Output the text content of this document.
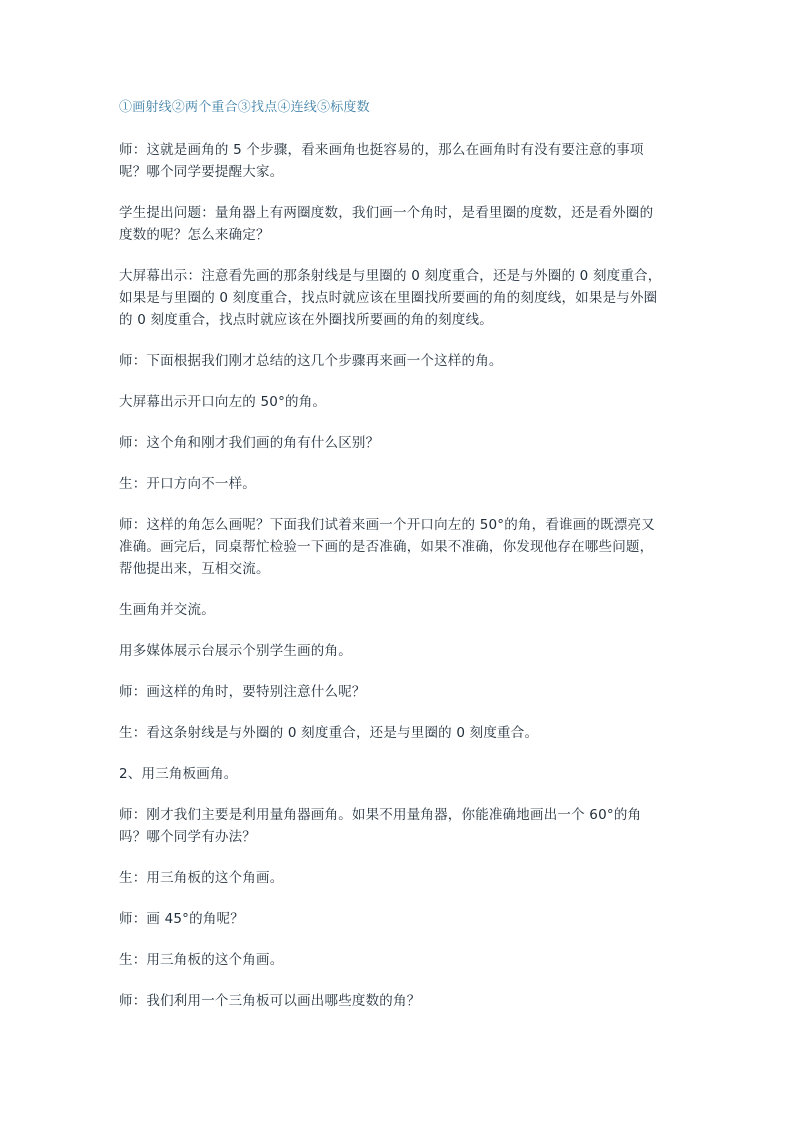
①画射线②两个重合③找点④连线⑤标度数

师：这就是画角的 5 个步骤，看来画角也挺容易的，那么在画角时有没有要注意的事项
呢？哪个同学要提醒大家。

学生提出问题：量角器上有两圈度数，我们画一个角时，是看里圈的度数，还是看外圈的
度数的呢？怎么来确定？

大屏幕出示：注意看先画的那条射线是与里圈的 0 刻度重合，还是与外圈的 0 刻度重合，
如果是与里圈的 0 刻度重合，找点时就应该在里圈找所要画的角的刻度线，如果是与外圈
的 0 刻度重合，找点时就应该在外圈找所要画的角的刻度线。

师：下面根据我们刚才总结的这几个步骤再来画一个这样的角。

大屏幕出示开口向左的 50°的角。

师：这个角和刚才我们画的角有什么区别？

生：开口方向不一样。

师：这样的角怎么画呢？下面我们试着来画一个开口向左的 50°的角，看谁画的既漂亮又
准确。画完后，同桌帮忙检验一下画的是否准确，如果不准确，你发现他存在哪些问题，
帮他提出来，互相交流。

生画角并交流。

用多媒体展示台展示个别学生画的角。

师：画这样的角时，要特别注意什么呢？

生：看这条射线是与外圈的 0 刻度重合，还是与里圈的 0 刻度重合。

2、用三角板画角。

师：刚才我们主要是利用量角器画角。如果不用量角器，你能准确地画出一个 60°的角
吗？哪个同学有办法？

生：用三角板的这个角画。

师：画 45°的角呢？

生：用三角板的这个角画。

师：我们利用一个三角板可以画出哪些度数的角？
